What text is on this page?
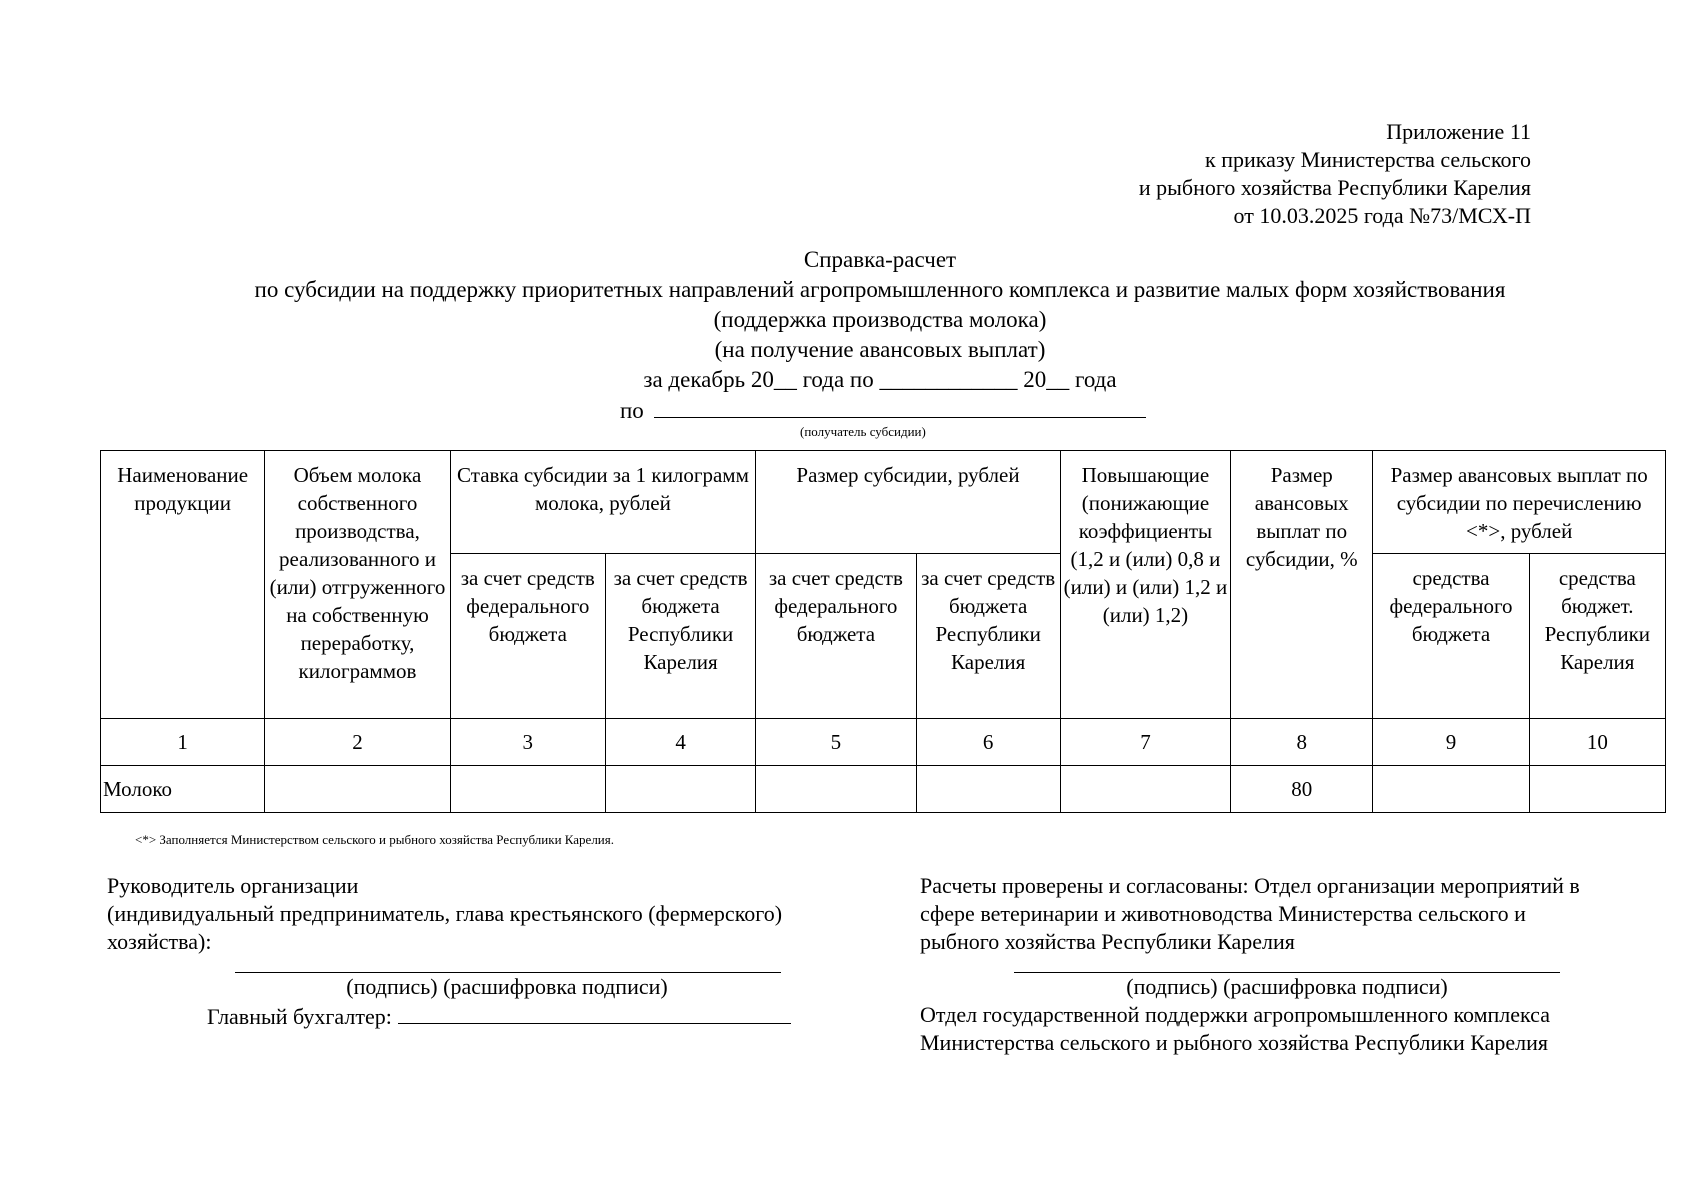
Приложение 11
к приказу Министерства сельского
и рыбного хозяйства Республики Карелия
от 10.03.2025 года №73/МСХ-П
Справка-расчет
по субсидии на поддержку приоритетных направлений агропромышленного комплекса и развитие малых форм хозяйствования
(поддержка производства молока)
(на получение авансовых выплат)
за декабрь 20__ года по ____________ 20__ года
по
(получатель субсидии)
Наименование продукции	Объем молока собственного производства, реализованного и (или) отгруженного на собственную переработку, килограммов	Ставка субсидии за 1 килограмм молока, рублей		Размер субсидии, рублей		Повышающие (понижающие коэффициенты (1,2 и (или) 0,8 и (или) и (или) 1,2 и (или) 1,2)	Размер авансовых выплат по субсидии, %	Размер авансовых выплат по субсидии по перечислению <*>, рублей	
		за счет средств федерального бюджета	за счет средств бюджета Республики Карелия	за счет средств федерального бюджета	за счет средств бюджета Республики Карелия			средства федерального бюджета	средства бюджет. Республики Карелия
1	2	3	4	5	6	7	8	9	10
Молоко							80		
<*> Заполняется Министерством сельского и рыбного хозяйства Республики Карелия.
Руководитель организации
(индивидуальный предприниматель, глава крестьянского (фермерского)
хозяйства):
(подпись) (расшифровка подписи)
Главный бухгалтер:
Расчеты проверены и согласованы: Отдел организации мероприятий в
сфере ветеринарии и животноводства Министерства сельского и
рыбного хозяйства Республики Карелия
(подпись) (расшифровка подписи)
Отдел государственной поддержки агропромышленного комплекса
Министерства сельского и рыбного хозяйства Республики Карелия
